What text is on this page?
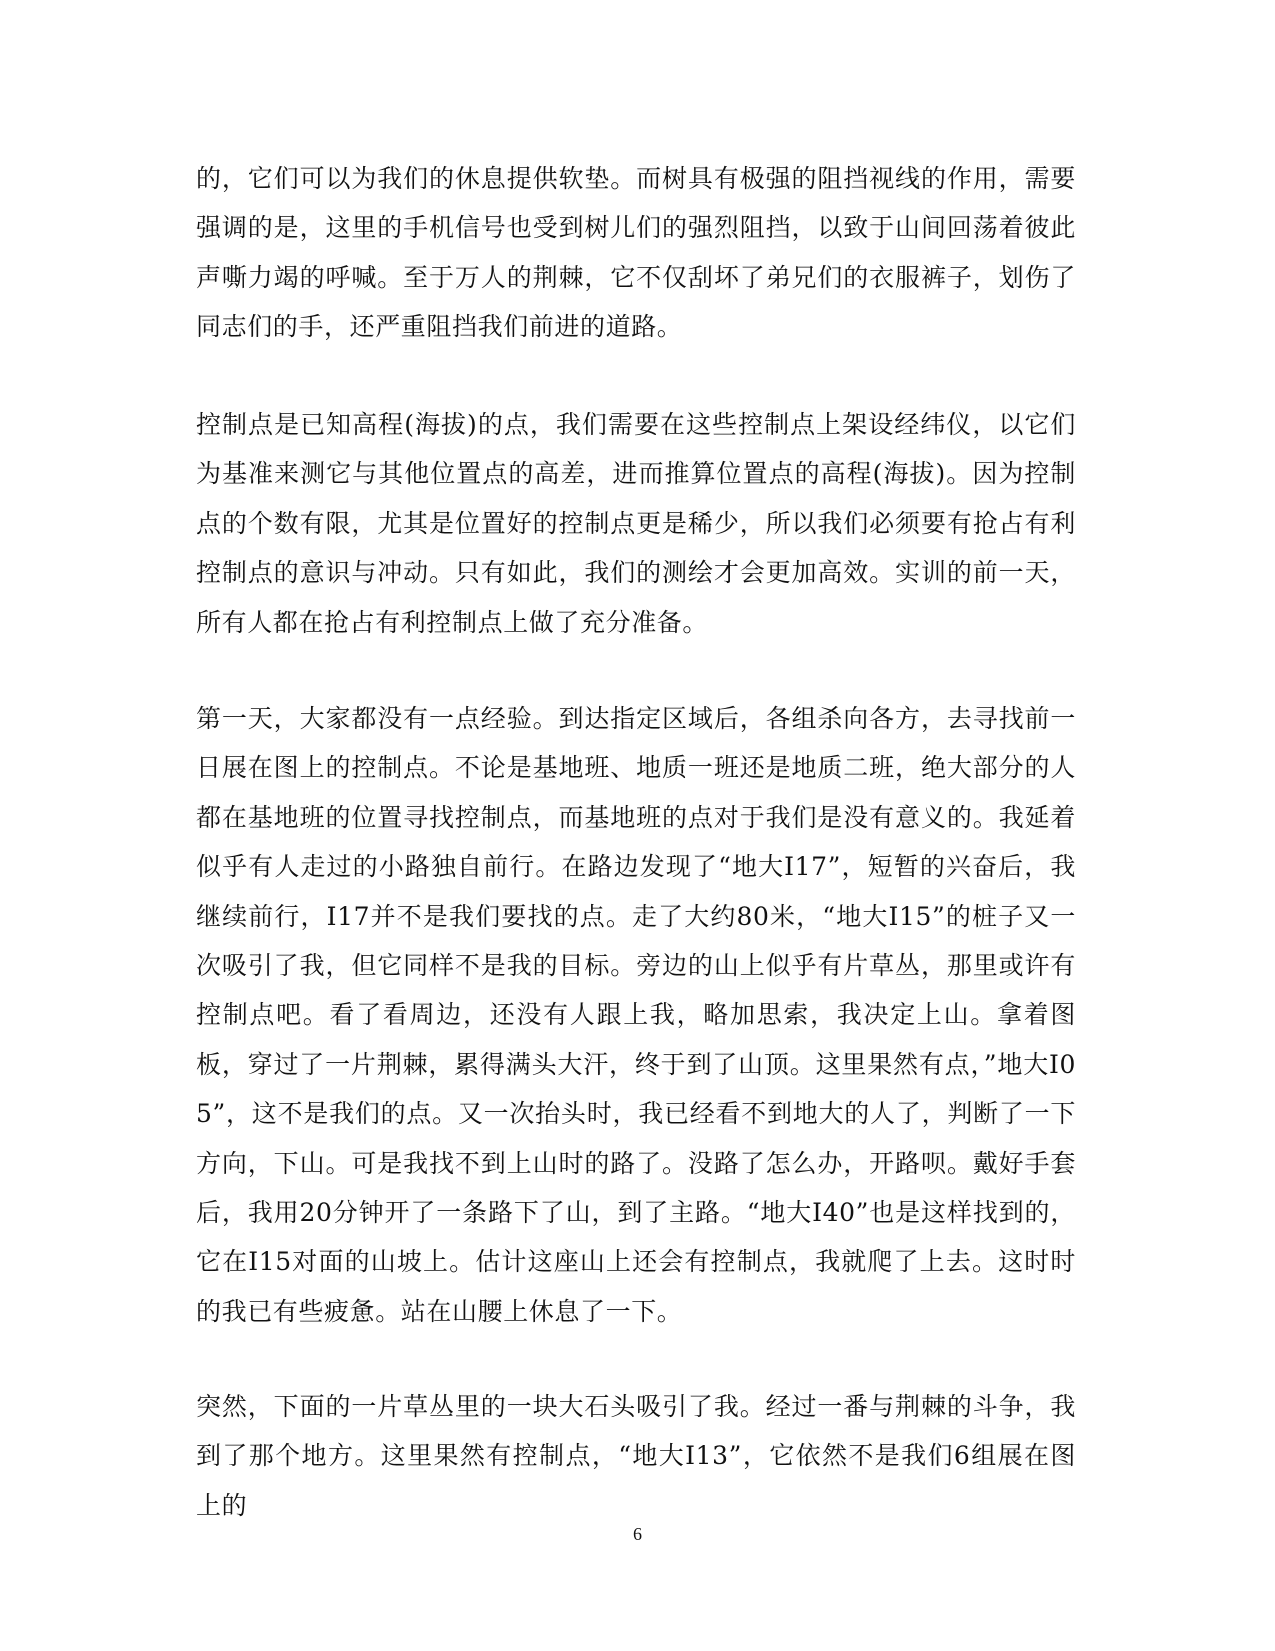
的，它们可以为我们的休息提供软垫。而树具有极强的阻挡视线的作用，需要强调的是，这里的手机信号也受到树儿们的强烈阻挡，以致于山间回荡着彼此声嘶力竭的呼喊。至于万人的荆棘，它不仅刮坏了弟兄们的衣服裤子，划伤了同志们的手，还严重阻挡我们前进的道路。

控制点是已知高程(海拔)的点，我们需要在这些控制点上架设经纬仪，以它们为基准来测它与其他位置点的高差，进而推算位置点的高程(海拔)。因为控制点的个数有限，尤其是位置好的控制点更是稀少，所以我们必须要有抢占有利控制点的意识与冲动。只有如此，我们的测绘才会更加高效。实训的前一天，所有人都在抢占有利控制点上做了充分准备。

第一天，大家都没有一点经验。到达指定区域后，各组杀向各方，去寻找前一日展在图上的控制点。不论是基地班、地质一班还是地质二班，绝大部分的人都在基地班的位置寻找控制点，而基地班的点对于我们是没有意义的。我延着似乎有人走过的小路独自前行。在路边发现了“地大I17”，短暂的兴奋后，我继续前行，I17并不是我们要找的点。走了大约80米，“地大I15”的桩子又一次吸引了我，但它同样不是我的目标。旁边的山上似乎有片草丛，那里或许有控制点吧。看了看周边，还没有人跟上我，略加思索，我决定上山。拿着图板，穿过了一片荆棘，累得满头大汗，终于到了山顶。这里果然有点，”地大I05”，这不是我们的点。又一次抬头时，我已经看不到地大的人了，判断了一下方向，下山。可是我找不到上山时的路了。没路了怎么办，开路呗。戴好手套后，我用20分钟开了一条路下了山，到了主路。“地大I40”也是这样找到的，它在I15对面的山坡上。估计这座山上还会有控制点，我就爬了上去。这时时的我已有些疲惫。站在山腰上休息了一下。

突然，下面的一片草丛里的一块大石头吸引了我。经过一番与荆棘的斗争，我到了那个地方。这里果然有控制点，“地大I13”，它依然不是我们6组展在图上的

6
